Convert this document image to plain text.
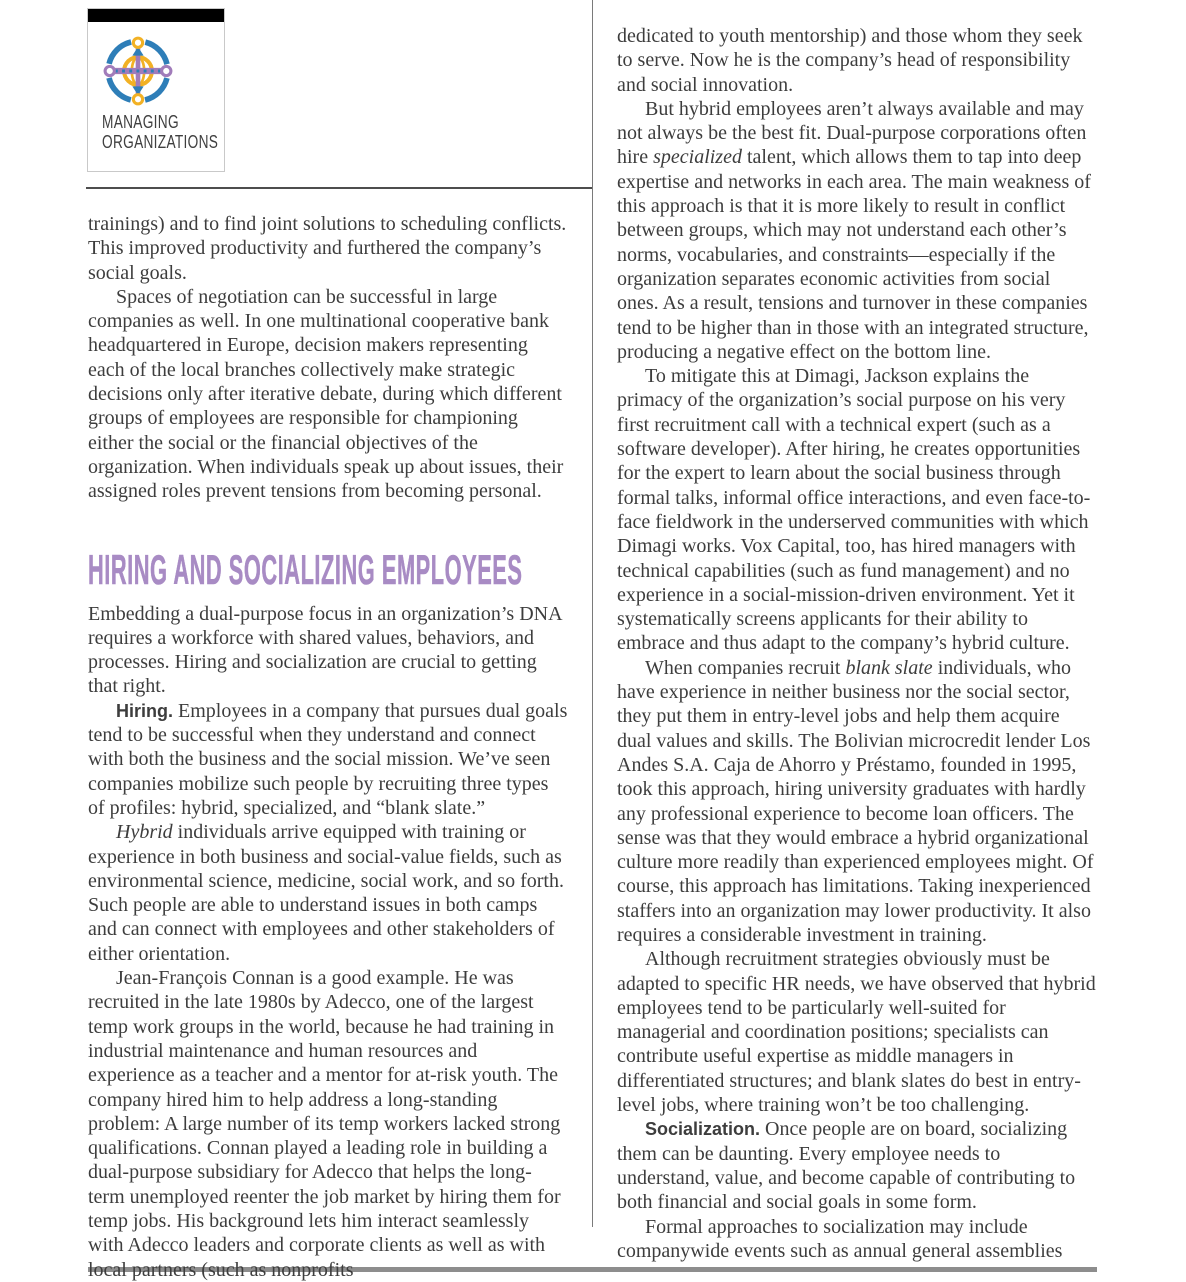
MANAGING
ORGANIZATIONS

trainings) and to find joint solutions to scheduling conflicts. This improved productivity and furthered the company’s social goals.

Spaces of negotiation can be successful in large companies as well. In one multinational cooperative bank headquartered in Europe, decision makers representing each of the local branches collectively make strategic decisions only after iterative debate, during which different groups of employees are responsible for championing either the social or the financial objectives of the organization. When individuals speak up about issues, their assigned roles prevent tensions from becoming personal.

HIRING AND SOCIALIZING EMPLOYEES

Embedding a dual-purpose focus in an organization’s DNA requires a workforce with shared values, behaviors, and processes. Hiring and socialization are crucial to getting that right.

Hiring. Employees in a company that pursues dual goals tend to be successful when they understand and connect with both the business and the social mission. We’ve seen companies mobilize such people by recruiting three types of profiles: hybrid, specialized, and “blank slate.”

Hybrid individuals arrive equipped with training or experience in both business and social-value fields, such as environmental science, medicine, social work, and so forth. Such people are able to understand issues in both camps and can connect with employees and other stakeholders of either orientation.

Jean-François Connan is a good example. He was recruited in the late 1980s by Adecco, one of the largest temp work groups in the world, because he had training in industrial maintenance and human resources and experience as a teacher and a mentor for at-risk youth. The company hired him to help address a long-standing problem: A large number of its temp workers lacked strong qualifications. Connan played a leading role in building a dual-purpose subsidiary for Adecco that helps the long-term unemployed reenter the job market by hiring them for temp jobs. His background lets him interact seamlessly with Adecco leaders and corporate clients as well as with local partners (such as nonprofits

dedicated to youth mentorship) and those whom they seek to serve. Now he is the company’s head of responsibility and social innovation.

But hybrid employees aren’t always available and may not always be the best fit. Dual-purpose corporations often hire specialized talent, which allows them to tap into deep expertise and networks in each area. The main weakness of this approach is that it is more likely to result in conflict between groups, which may not understand each other’s norms, vocabularies, and constraints—especially if the organization separates economic activities from social ones. As a result, tensions and turnover in these companies tend to be higher than in those with an integrated structure, producing a negative effect on the bottom line.

To mitigate this at Dimagi, Jackson explains the primacy of the organization’s social purpose on his very first recruitment call with a technical expert (such as a software developer). After hiring, he creates opportunities for the expert to learn about the social business through formal talks, informal office interactions, and even face-to-face fieldwork in the underserved communities with which Dimagi works. Vox Capital, too, has hired managers with technical capabilities (such as fund management) and no experience in a social-mission-driven environment. Yet it systematically screens applicants for their ability to embrace and thus adapt to the company’s hybrid culture.

When companies recruit blank slate individuals, who have experience in neither business nor the social sector, they put them in entry-level jobs and help them acquire dual values and skills. The Bolivian microcredit lender Los Andes S.A. Caja de Ahorro y Préstamo, founded in 1995, took this approach, hiring university graduates with hardly any professional experience to become loan officers. The sense was that they would embrace a hybrid organizational culture more readily than experienced employees might. Of course, this approach has limitations. Taking inexperienced staffers into an organization may lower productivity. It also requires a considerable investment in training.

Although recruitment strategies obviously must be adapted to specific HR needs, we have observed that hybrid employees tend to be particularly well-suited for managerial and coordination positions; specialists can contribute useful expertise as middle managers in differentiated structures; and blank slates do best in entry-level jobs, where training won’t be too challenging.

Socialization. Once people are on board, socializing them can be daunting. Every employee needs to understand, value, and become capable of contributing to both financial and social goals in some form.

Formal approaches to socialization may include companywide events such as annual general assemblies
